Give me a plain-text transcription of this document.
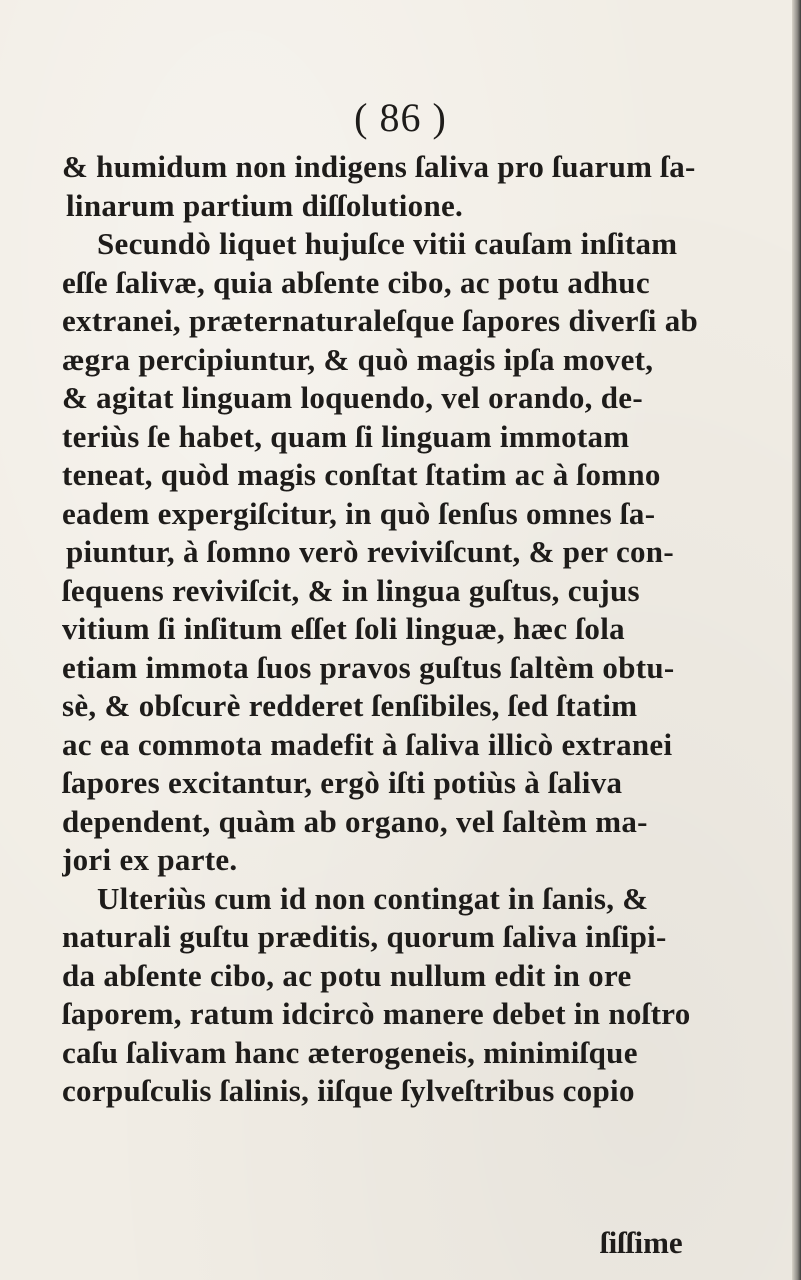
( 86 )

& humidum non indigens ſaliva pro ſuarum ſa-
linarum partium diſſolutione.
Secundò liquet hujuſce vitii cauſam inſitam
eſſe ſalivæ, quia abſente cibo, ac potu adhuc
extranei, præternaturaleſque ſapores diverſi ab
ægra percipiuntur, & quò magis ipſa movet,
& agitat linguam loquendo, vel orando, de-
teriùs ſe habet, quam ſi linguam immotam
teneat, quòd magis conſtat ſtatim ac à ſomno
eadem expergiſcitur, in quò ſenſus omnes ſa-
piuntur, à ſomno verò reviviſcunt, & per con-
ſequens reviviſcit, & in lingua guſtus, cujus
vitium ſi inſitum eſſet ſoli linguæ, hæc ſola
etiam immota ſuos pravos guſtus ſaltèm obtu-
sè, & obſcurè redderet ſenſibiles, ſed ſtatim
ac ea commota madefit à ſaliva illicò extranei
ſapores excitantur, ergò iſti potiùs à ſaliva
dependent, quàm ab organo, vel ſaltèm ma-
jori ex parte.
Ulteriùs cum id non contingat in ſanis, &
naturali guſtu præditis, quorum ſaliva inſipi-
da abſente cibo, ac potu nullum edit in ore
ſaporem, ratum idcircò manere debet in noſtro
caſu ſalivam hanc æterogeneis, minimiſque
corpuſculis ſalinis, iiſque ſylveſtribus copio

ſiſſime
